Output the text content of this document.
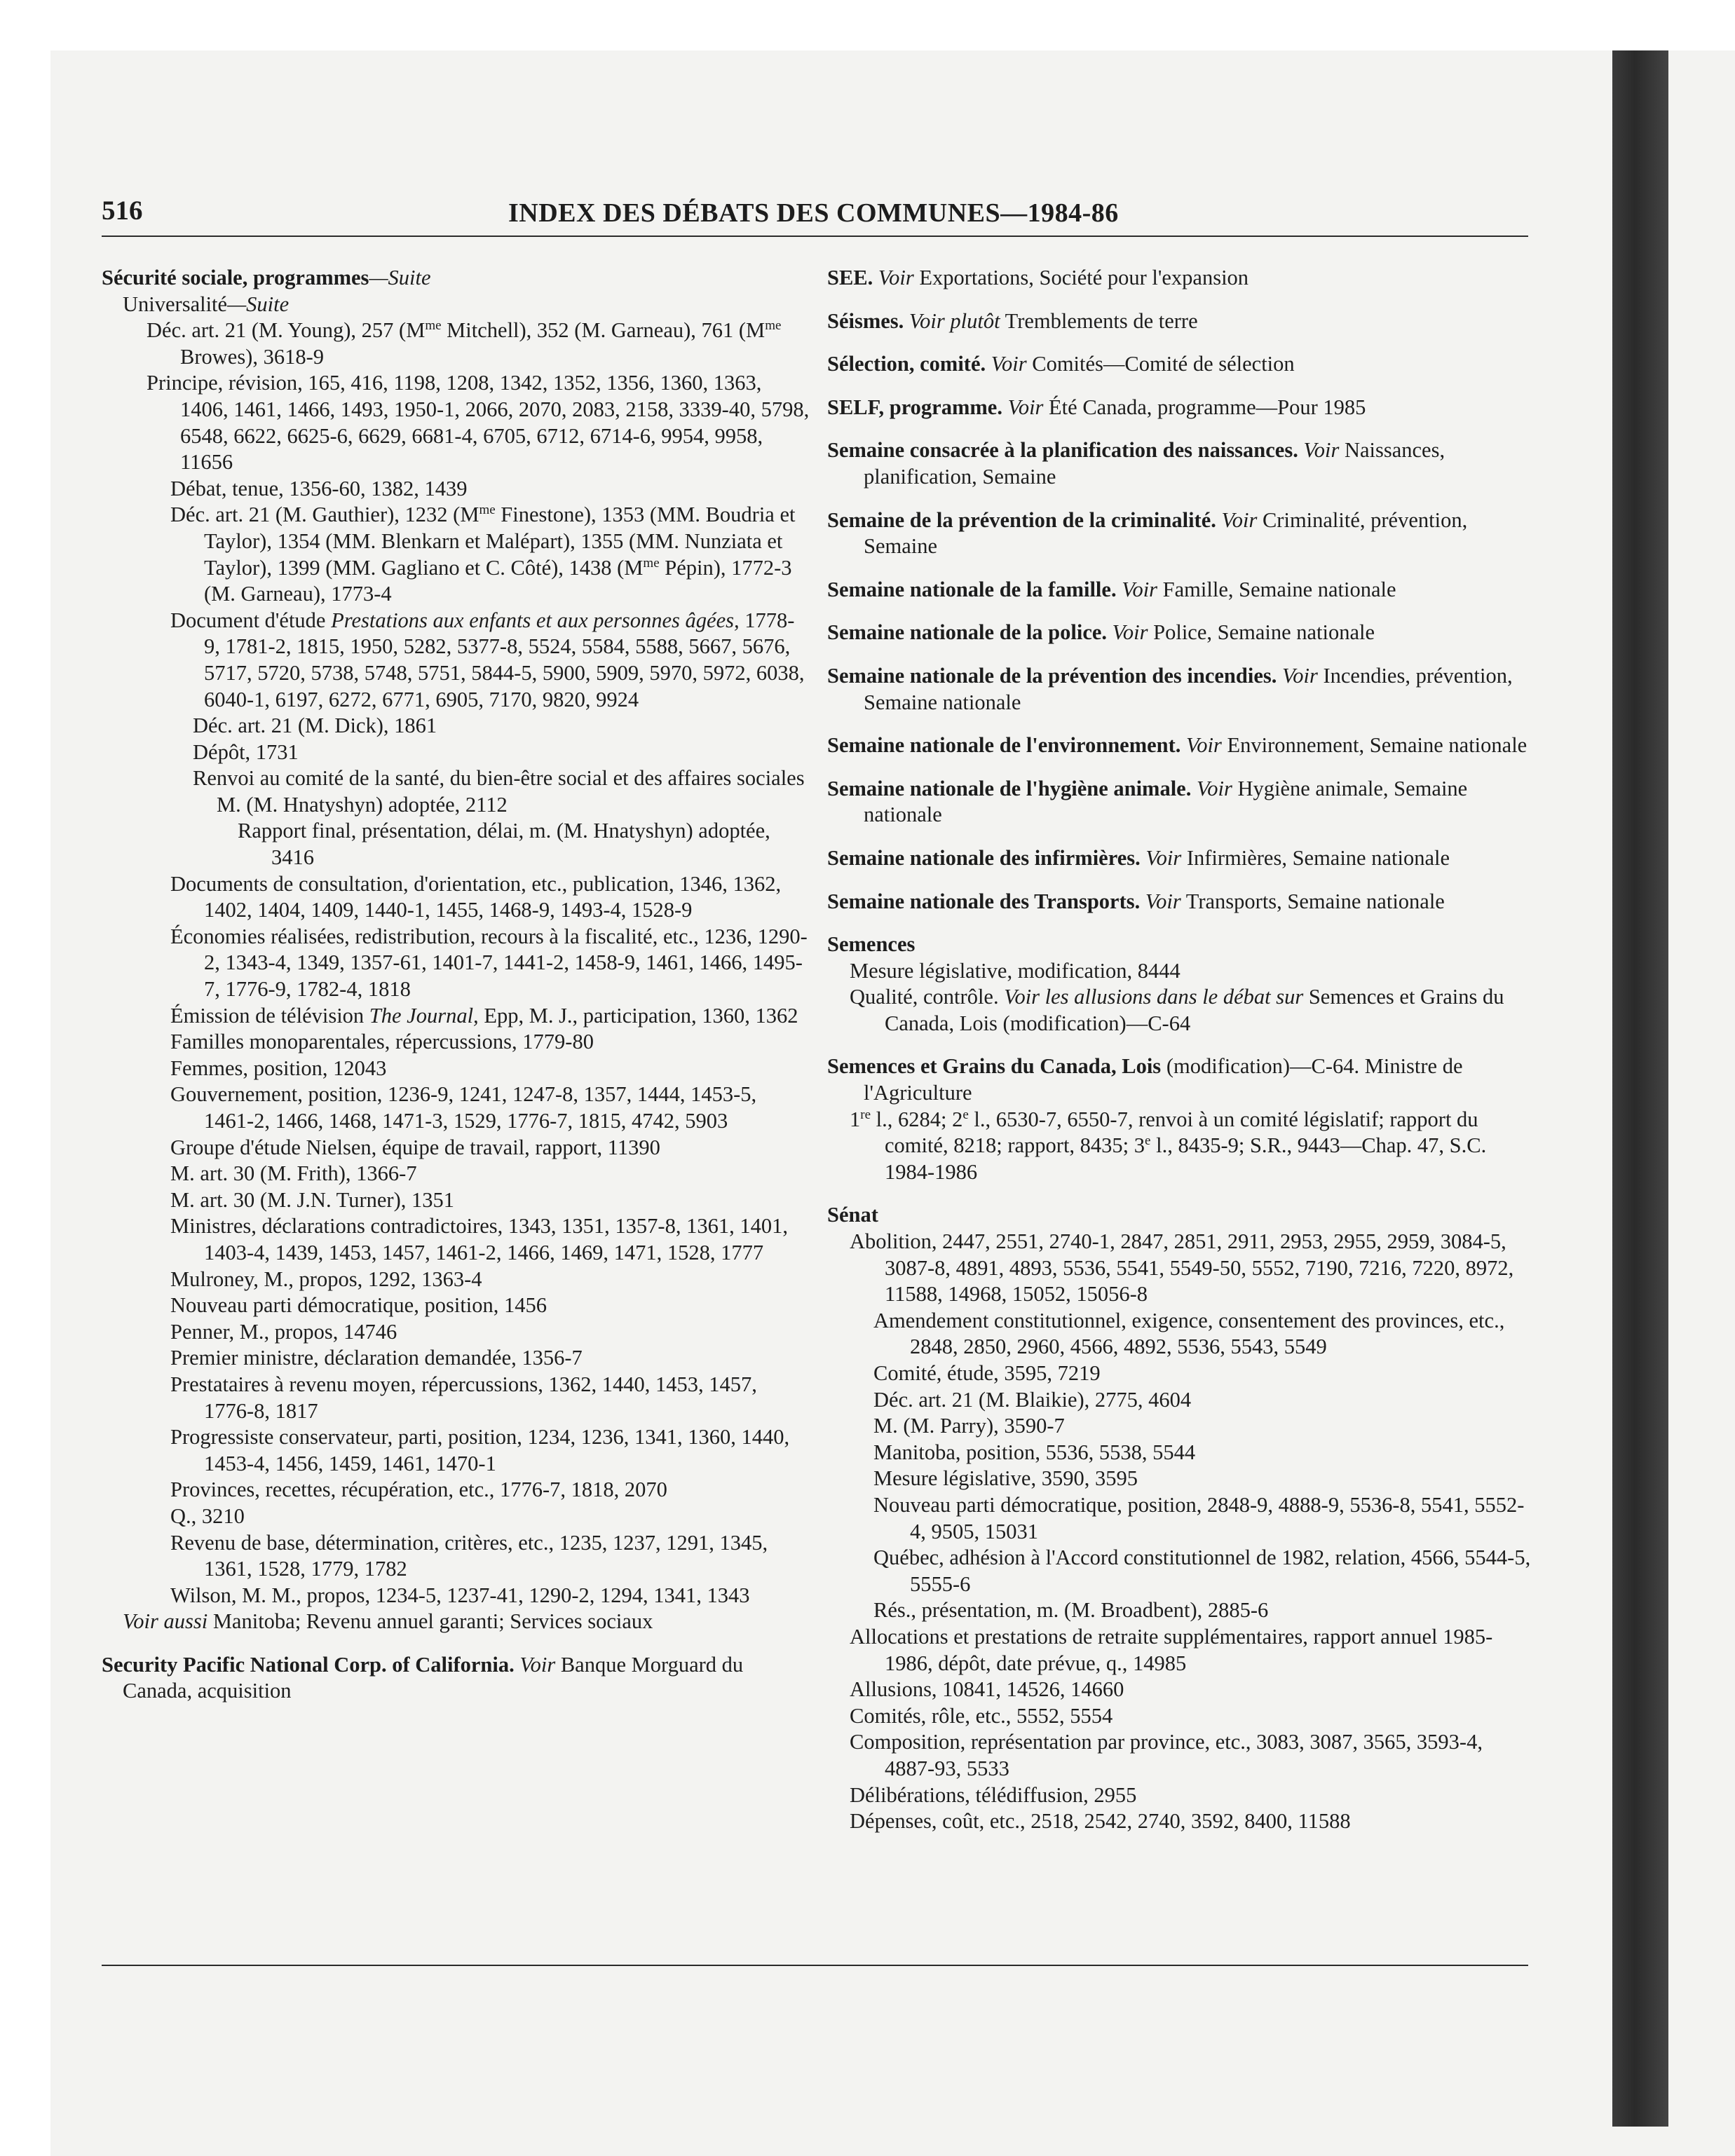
516	INDEX DES DÉBATS DES COMMUNES—1984-86

Sécurité sociale, programmes—Suite

Universalité—Suite

Déc. art. 21 (M. Young), 257 ($M^{me}$ Mitchell), 352 (M. Garneau), 761 ($M^{me}$ Browes), 3618-9

Principe, révision, 165, 416, 1198, 1208, 1342, 1352, 1356, 1360, 1363, 1406, 1461, 1466, 1493, 1950-1, 2066, 2070, 2083, 2158, 3339-40, 5798, 6548, 6622, 6625-6, 6629, 6681-4, 6705, 6712, 6714-6, 9954, 9958, 11656

Débat, tenue, 1356-60, 1382, 1439

Déc. art. 21 (M. Gauthier), 1232 ($M^{me}$ Finestone), 1353 (MM. Boudria et Taylor), 1354 (MM. Blenkarn et Malépart), 1355 (MM. Nunziata et Taylor), 1399 (MM. Gagliano et C. Côté), 1438 ($M^{me}$ Pépin), 1772-3 (M. Garneau), 1773-4

Document d'étude Prestations aux enfants et aux personnes âgées, 1778-9, 1781-2, 1815, 1950, 5282, 5377-8, 5524, 5584, 5588, 5667, 5676, 5717, 5720, 5738, 5748, 5751, 5844-5, 5900, 5909, 5970, 5972, 6038, 6040-1, 6197, 6272, 6771, 6905, 7170, 9820, 9924

Déc. art. 21 (M. Dick), 1861

Dépôt, 1731

Renvoi au comité de la santé, du bien-être social et des affaires sociales

M. (M. Hnatyshyn) adoptée, 2112

Rapport final, présentation, délai, m. (M. Hnatyshyn) adoptée, 3416

Documents de consultation, d'orientation, etc., publication, 1346, 1362, 1402, 1404, 1409, 1440-1, 1455, 1468-9, 1493-4, 1528-9

Économies réalisées, redistribution, recours à la fiscalité, etc., 1236, 1290-2, 1343-4, 1349, 1357-61, 1401-7, 1441-2, 1458-9, 1461, 1466, 1495-7, 1776-9, 1782-4, 1818

Émission de télévision The Journal, Epp, M. J., participation, 1360, 1362

Familles monoparentales, répercussions, 1779-80

Femmes, position, 12043

Gouvernement, position, 1236-9, 1241, 1247-8, 1357, 1444, 1453-5, 1461-2, 1466, 1468, 1471-3, 1529, 1776-7, 1815, 4742, 5903

Groupe d'étude Nielsen, équipe de travail, rapport, 11390

M. art. 30 (M. Frith), 1366-7

M. art. 30 (M. J.N. Turner), 1351

Ministres, déclarations contradictoires, 1343, 1351, 1357-8, 1361, 1401, 1403-4, 1439, 1453, 1457, 1461-2, 1466, 1469, 1471, 1528, 1777

Mulroney, M., propos, 1292, 1363-4

Nouveau parti démocratique, position, 1456

Penner, M., propos, 14746

Premier ministre, déclaration demandée, 1356-7

Prestataires à revenu moyen, répercussions, 1362, 1440, 1453, 1457, 1776-8, 1817

Progressiste conservateur, parti, position, 1234, 1236, 1341, 1360, 1440, 1453-4, 1456, 1459, 1461, 1470-1

Provinces, recettes, récupération, etc., 1776-7, 1818, 2070

Q., 3210

Revenu de base, détermination, critères, etc., 1235, 1237, 1291, 1345, 1361, 1528, 1779, 1782

Wilson, M. M., propos, 1234-5, 1237-41, 1290-2, 1294, 1341, 1343

Voir aussi Manitoba; Revenu annuel garanti; Services sociaux

Security Pacific National Corp. of California. Voir Banque Morguard du Canada, acquisition

SEE. Voir Exportations, Société pour l'expansion

Séismes. Voir plutôt Tremblements de terre

Sélection, comité. Voir Comités—Comité de sélection

SELF, programme. Voir Été Canada, programme—Pour 1985

Semaine consacrée à la planification des naissances. Voir Naissances, planification, Semaine

Semaine de la prévention de la criminalité. Voir Criminalité, prévention, Semaine

Semaine nationale de la famille. Voir Famille, Semaine nationale

Semaine nationale de la police. Voir Police, Semaine nationale

Semaine nationale de la prévention des incendies. Voir Incendies, prévention, Semaine nationale

Semaine nationale de l'environnement. Voir Environnement, Semaine nationale

Semaine nationale de l'hygiène animale. Voir Hygiène animale, Semaine nationale

Semaine nationale des infirmières. Voir Infirmières, Semaine nationale

Semaine nationale des Transports. Voir Transports, Semaine nationale

Semences

Mesure législative, modification, 8444

Qualité, contrôle. Voir les allusions dans le débat sur Semences et Grains du Canada, Lois (modification)—C-64

Semences et Grains du Canada, Lois (modification)—C-64. Ministre de l'Agriculture

1re l., 6284; 2e l., 6530-7, 6550-7, renvoi à un comité législatif; rapport du comité, 8218; rapport, 8435; 3e l., 8435-9; S.R., 9443—Chap. 47, S.C. 1984-1986

Sénat

Abolition, 2447, 2551, 2740-1, 2847, 2851, 2911, 2953, 2955, 2959, 3084-5, 3087-8, 4891, 4893, 5536, 5541, 5549-50, 5552, 7190, 7216, 7220, 8972, 11588, 14968, 15052, 15056-8

Amendement constitutionnel, exigence, consentement des provinces, etc., 2848, 2850, 2960, 4566, 4892, 5536, 5543, 5549

Comité, étude, 3595, 7219

Déc. art. 21 (M. Blaikie), 2775, 4604

M. (M. Parry), 3590-7

Manitoba, position, 5536, 5538, 5544

Mesure législative, 3590, 3595

Nouveau parti démocratique, position, 2848-9, 4888-9, 5536-8, 5541, 5552-4, 9505, 15031

Québec, adhésion à l'Accord constitutionnel de 1982, relation, 4566, 5544-5, 5555-6

Rés., présentation, m. (M. Broadbent), 2885-6

Allocations et prestations de retraite supplémentaires, rapport annuel 1985-1986, dépôt, date prévue, q., 14985

Allusions, 10841, 14526, 14660

Comités, rôle, etc., 5552, 5554

Composition, représentation par province, etc., 3083, 3087, 3565, 3593-4, 4887-93, 5533

Délibérations, télédiffusion, 2955

Dépenses, coût, etc., 2518, 2542, 2740, 3592, 8400, 11588
